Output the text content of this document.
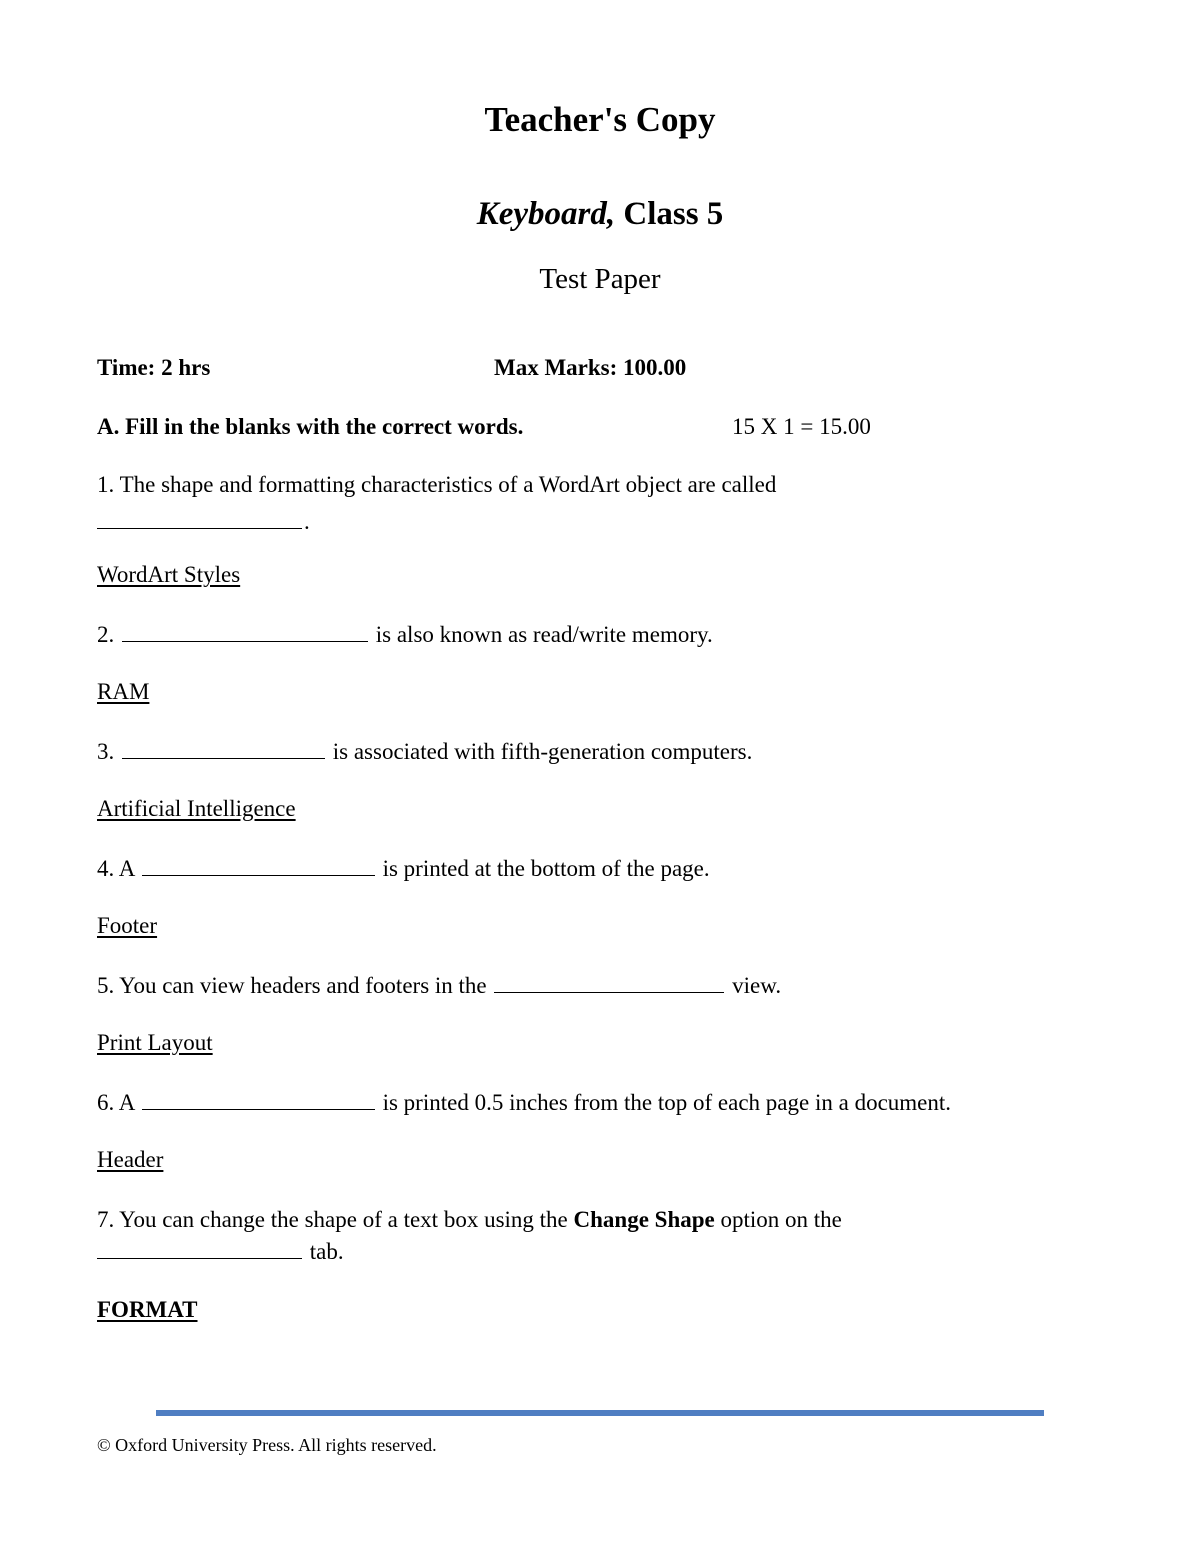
Teacher's Copy
Keyboard, Class 5
Test Paper
Time: 2 hrs	Max Marks: 100.00
A. Fill in the blanks with the correct words.	15 X 1 = 15.00
1. The shape and formatting characteristics of a WordArt object are called
.
WordArt Styles
2.	is also known as read/write memory.
RAM
3.	is associated with fifth-generation computers.
Artificial Intelligence
4. A	is printed at the bottom of the page.
Footer
5. You can view headers and footers in the	view.
Print Layout
6. A	is printed 0.5 inches from the top of each page in a document.
Header
7. You can change the shape of a text box using the Change Shape option on the
tab.
FORMAT
© Oxford University Press. All rights reserved.
